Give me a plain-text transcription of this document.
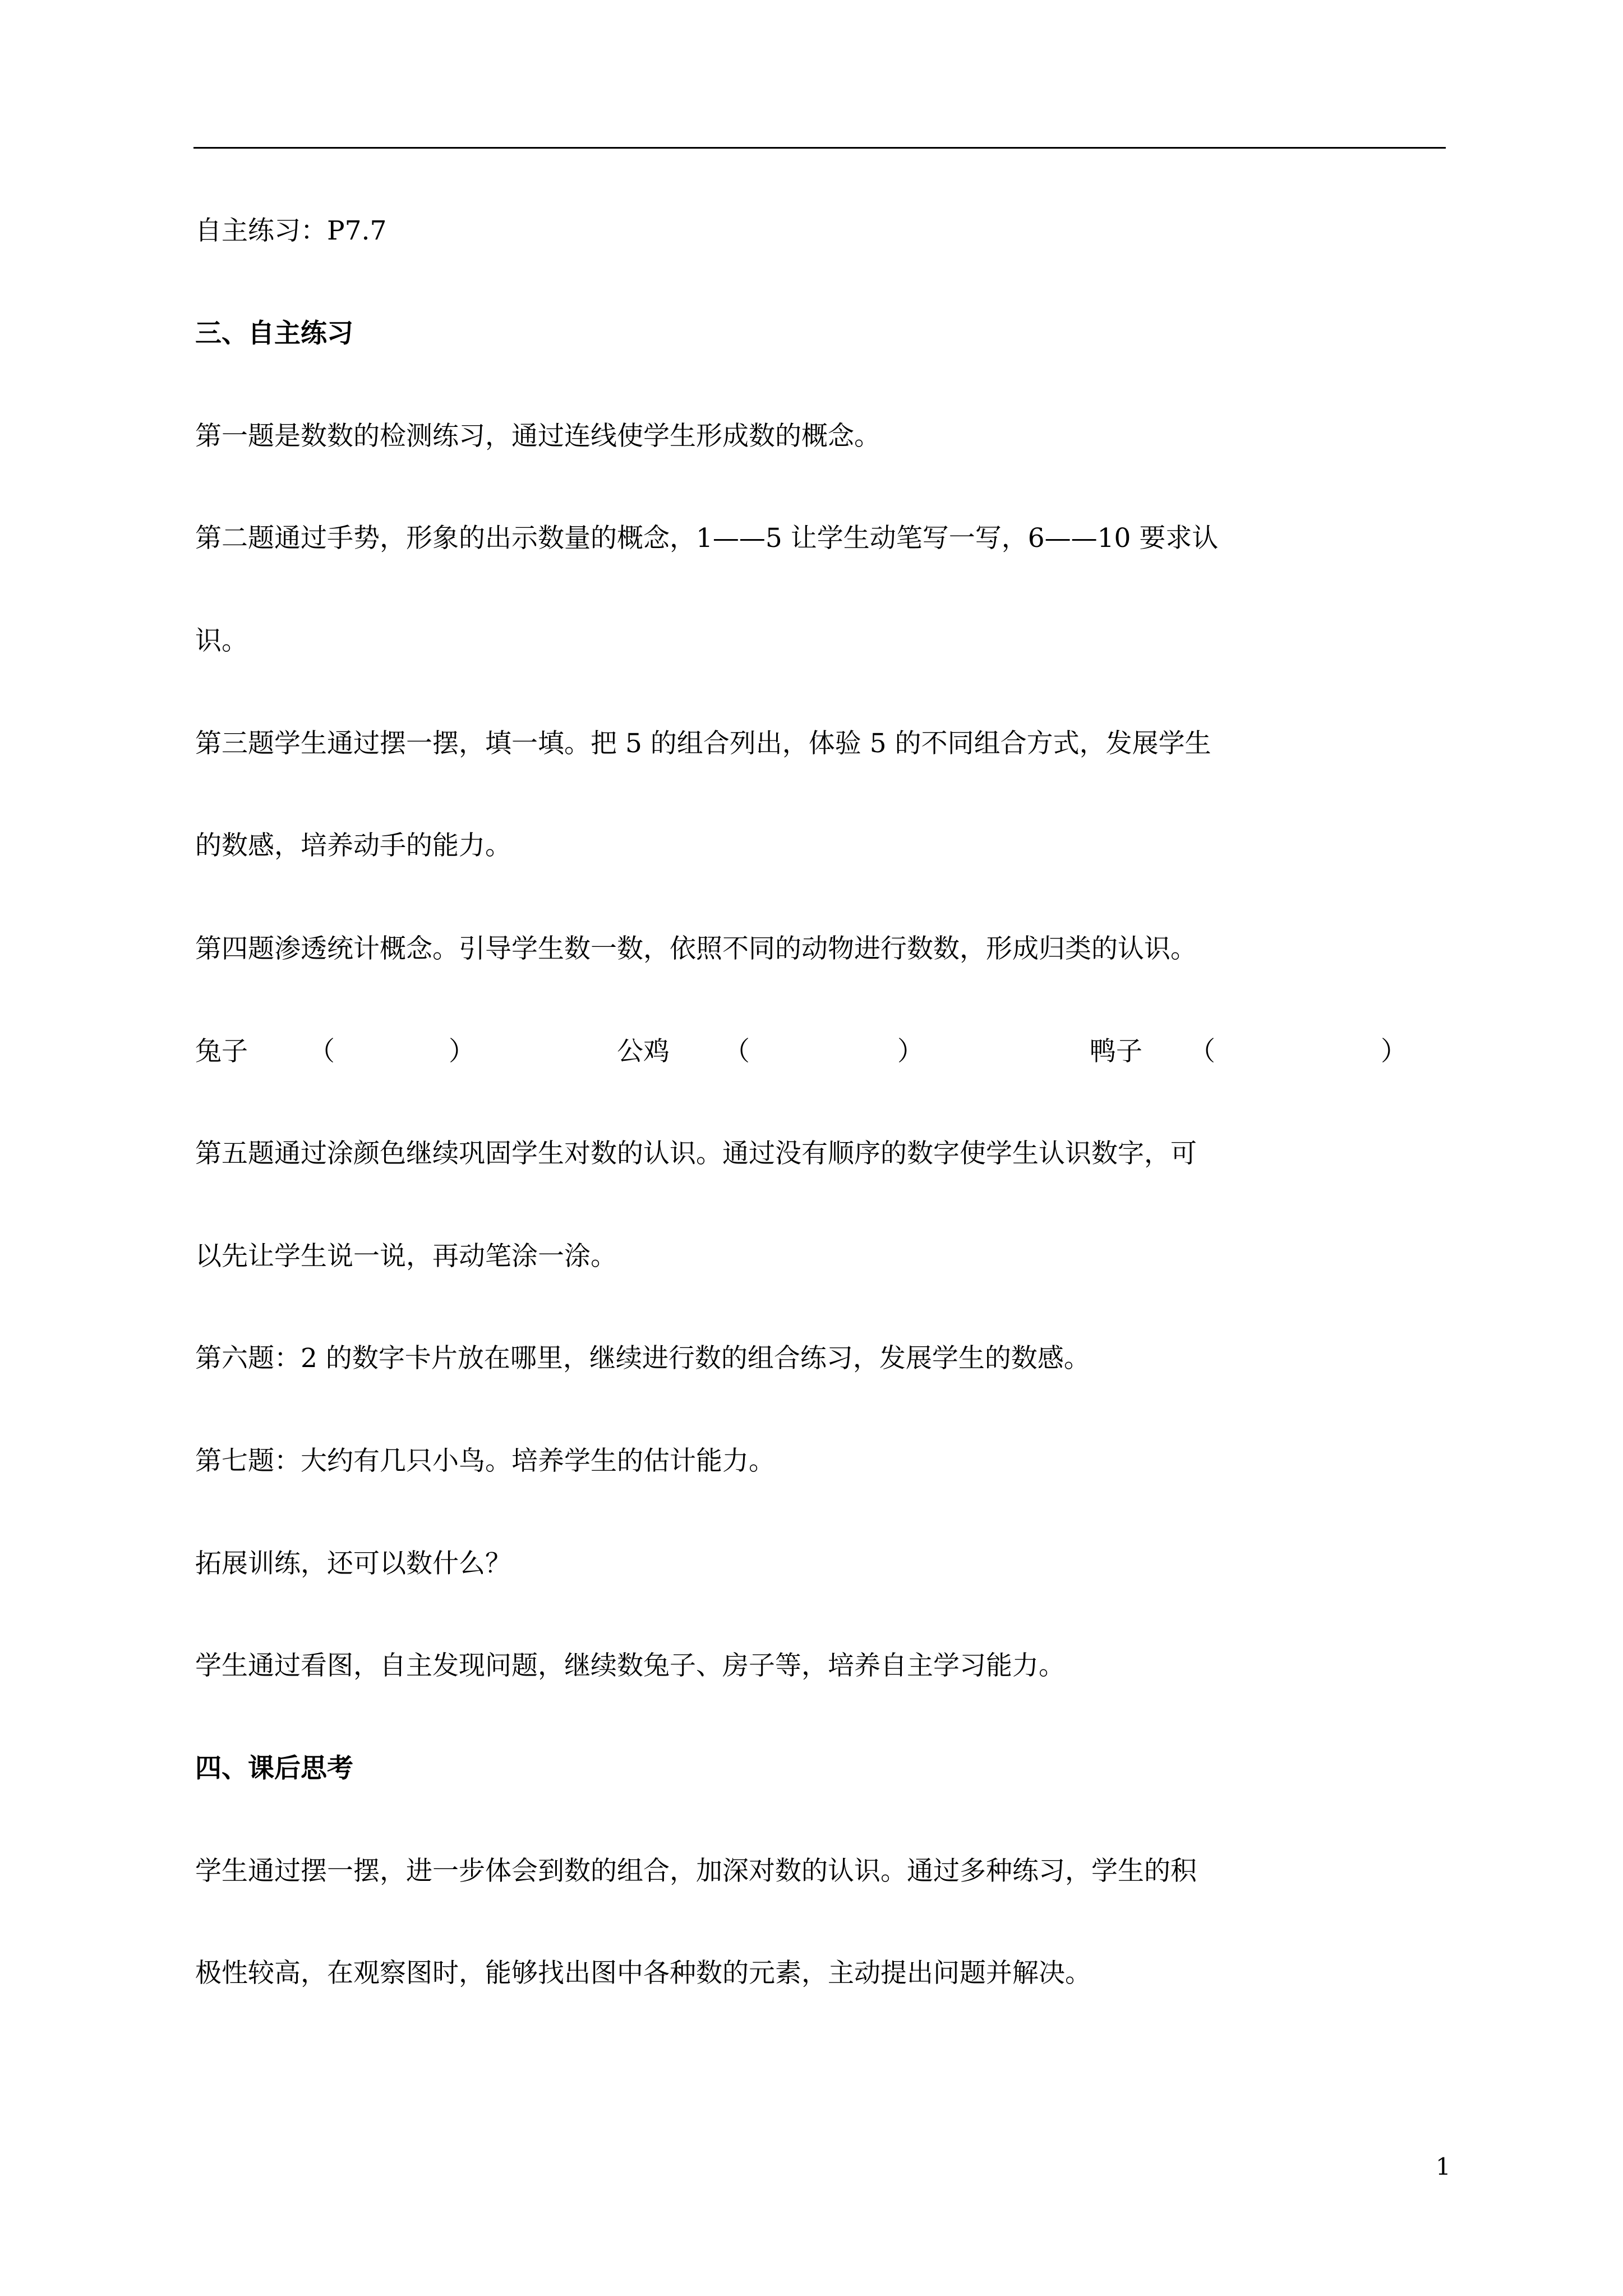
自主练习：P7.7
三、自主练习
第一题是数数的检测练习，通过连线使学生形成数的概念。
第二题通过手势，形象的出示数量的概念，1——5 让学生动笔写一写，6——10 要求认
识。
第三题学生通过摆一摆，填一填。把 5 的组合列出，体验 5 的不同组合方式，发展学生
的数感，培养动手的能力。
第四题渗透统计概念。引导学生数一数，依照不同的动物进行数数，形成归类的认识。
兔子 （	）	公鸡 （	）	鸭子 （	）
第五题通过涂颜色继续巩固学生对数的认识。通过没有顺序的数字使学生认识数字，可
以先让学生说一说，再动笔涂一涂。
第六题：2 的数字卡片放在哪里，继续进行数的组合练习，发展学生的数感。
第七题：大约有几只小鸟。培养学生的估计能力。
拓展训练，还可以数什么？
学生通过看图，自主发现问题，继续数兔子、房子等，培养自主学习能力。
四、课后思考
学生通过摆一摆，进一步体会到数的组合，加深对数的认识。通过多种练习，学生的积
极性较高，在观察图时，能够找出图中各种数的元素，主动提出问题并解决。
1
